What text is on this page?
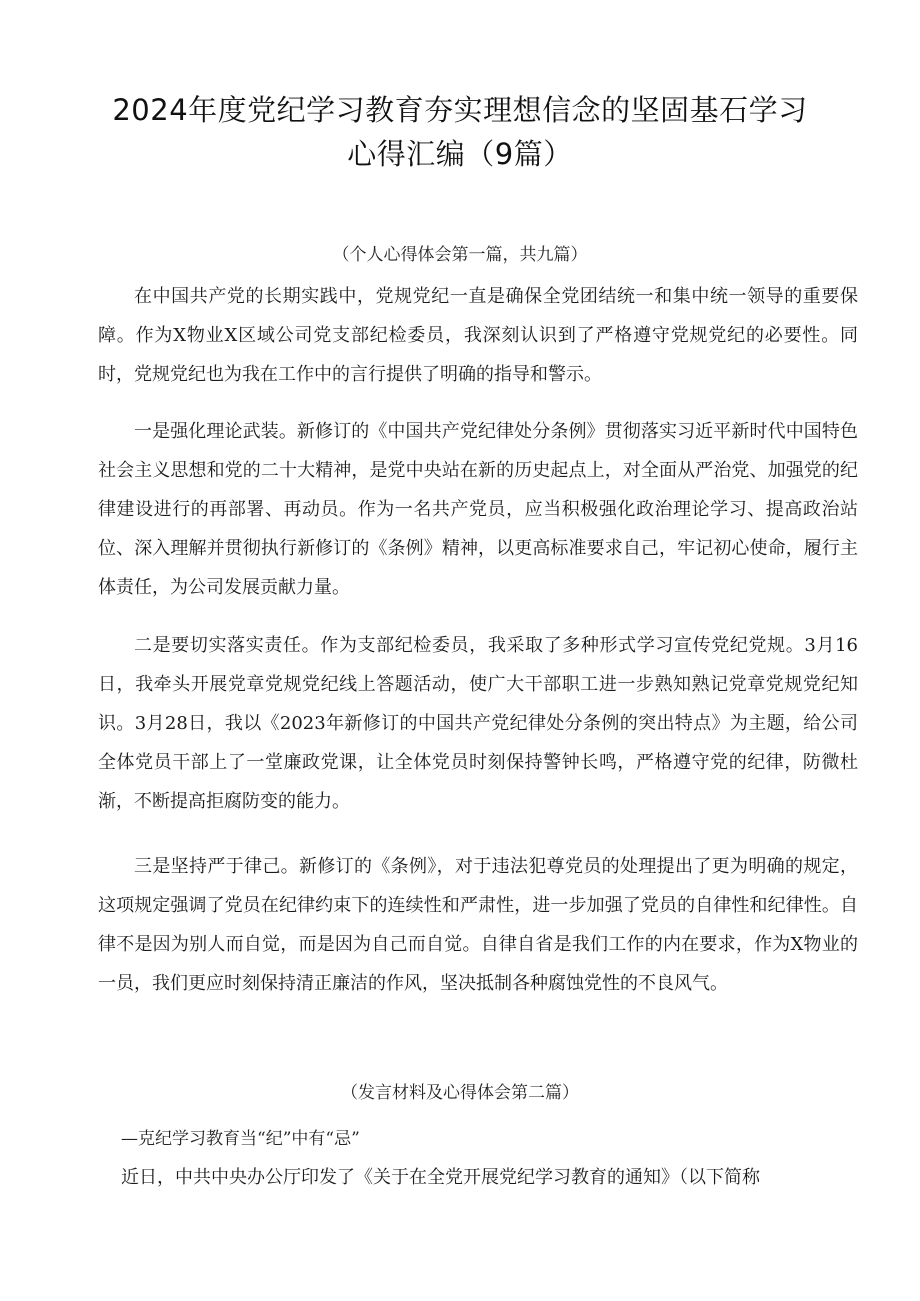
2024年度党纪学习教育夯实理想信念的坚固基石学习
心得汇编（9篇）

（个人心得体会第一篇，共九篇）

在中国共产党的长期实践中，党规党纪一直是确保全党团结统一和集中统一领导的重要保障。作为X物业X区域公司党支部纪检委员，我深刻认识到了严格遵守党规党纪的必要性。同时，党规党纪也为我在工作中的言行提供了明确的指导和警示。

一是强化理论武装。新修订的《中国共产党纪律处分条例》贯彻落实习近平新时代中国特色社会主义思想和党的二十大精神，是党中央站在新的历史起点上，对全面从严治党、加强党的纪律建设进行的再部署、再动员。作为一名共产党员，应当积极强化政治理论学习、提高政治站位、深入理解并贯彻执行新修订的《条例》精神，以更高标准要求自己，牢记初心使命，履行主体责任，为公司发展贡献力量。

二是要切实落实责任。作为支部纪检委员，我采取了多种形式学习宣传党纪党规。3月16日，我牵头开展党章党规党纪线上答题活动，使广大干部职工进一步熟知熟记党章党规党纪知识。3月28日，我以《2023年新修订的中国共产党纪律处分条例的突出特点》为主题，给公司全体党员干部上了一堂廉政党课，让全体党员时刻保持警钟长鸣，严格遵守党的纪律，防微杜渐，不断提高拒腐防变的能力。

三是坚持严于律己。新修订的《条例》，对于违法犯尊党员的处理提出了更为明确的规定，这项规定强调了党员在纪律约束下的连续性和严肃性，进一步加强了党员的自律性和纪律性。自律不是因为别人而自觉，而是因为自己而自觉。自律自省是我们工作的内在要求，作为X物业的一员，我们更应时刻保持清正廉洁的作风，坚决抵制各种腐蚀党性的不良风气。

（发言材料及心得体会第二篇）

—克纪学习教育当“纪”中有“忌”

近日，中共中央办公厅印发了《关于在全党开展党纪学习教育的通知》（以下简称
